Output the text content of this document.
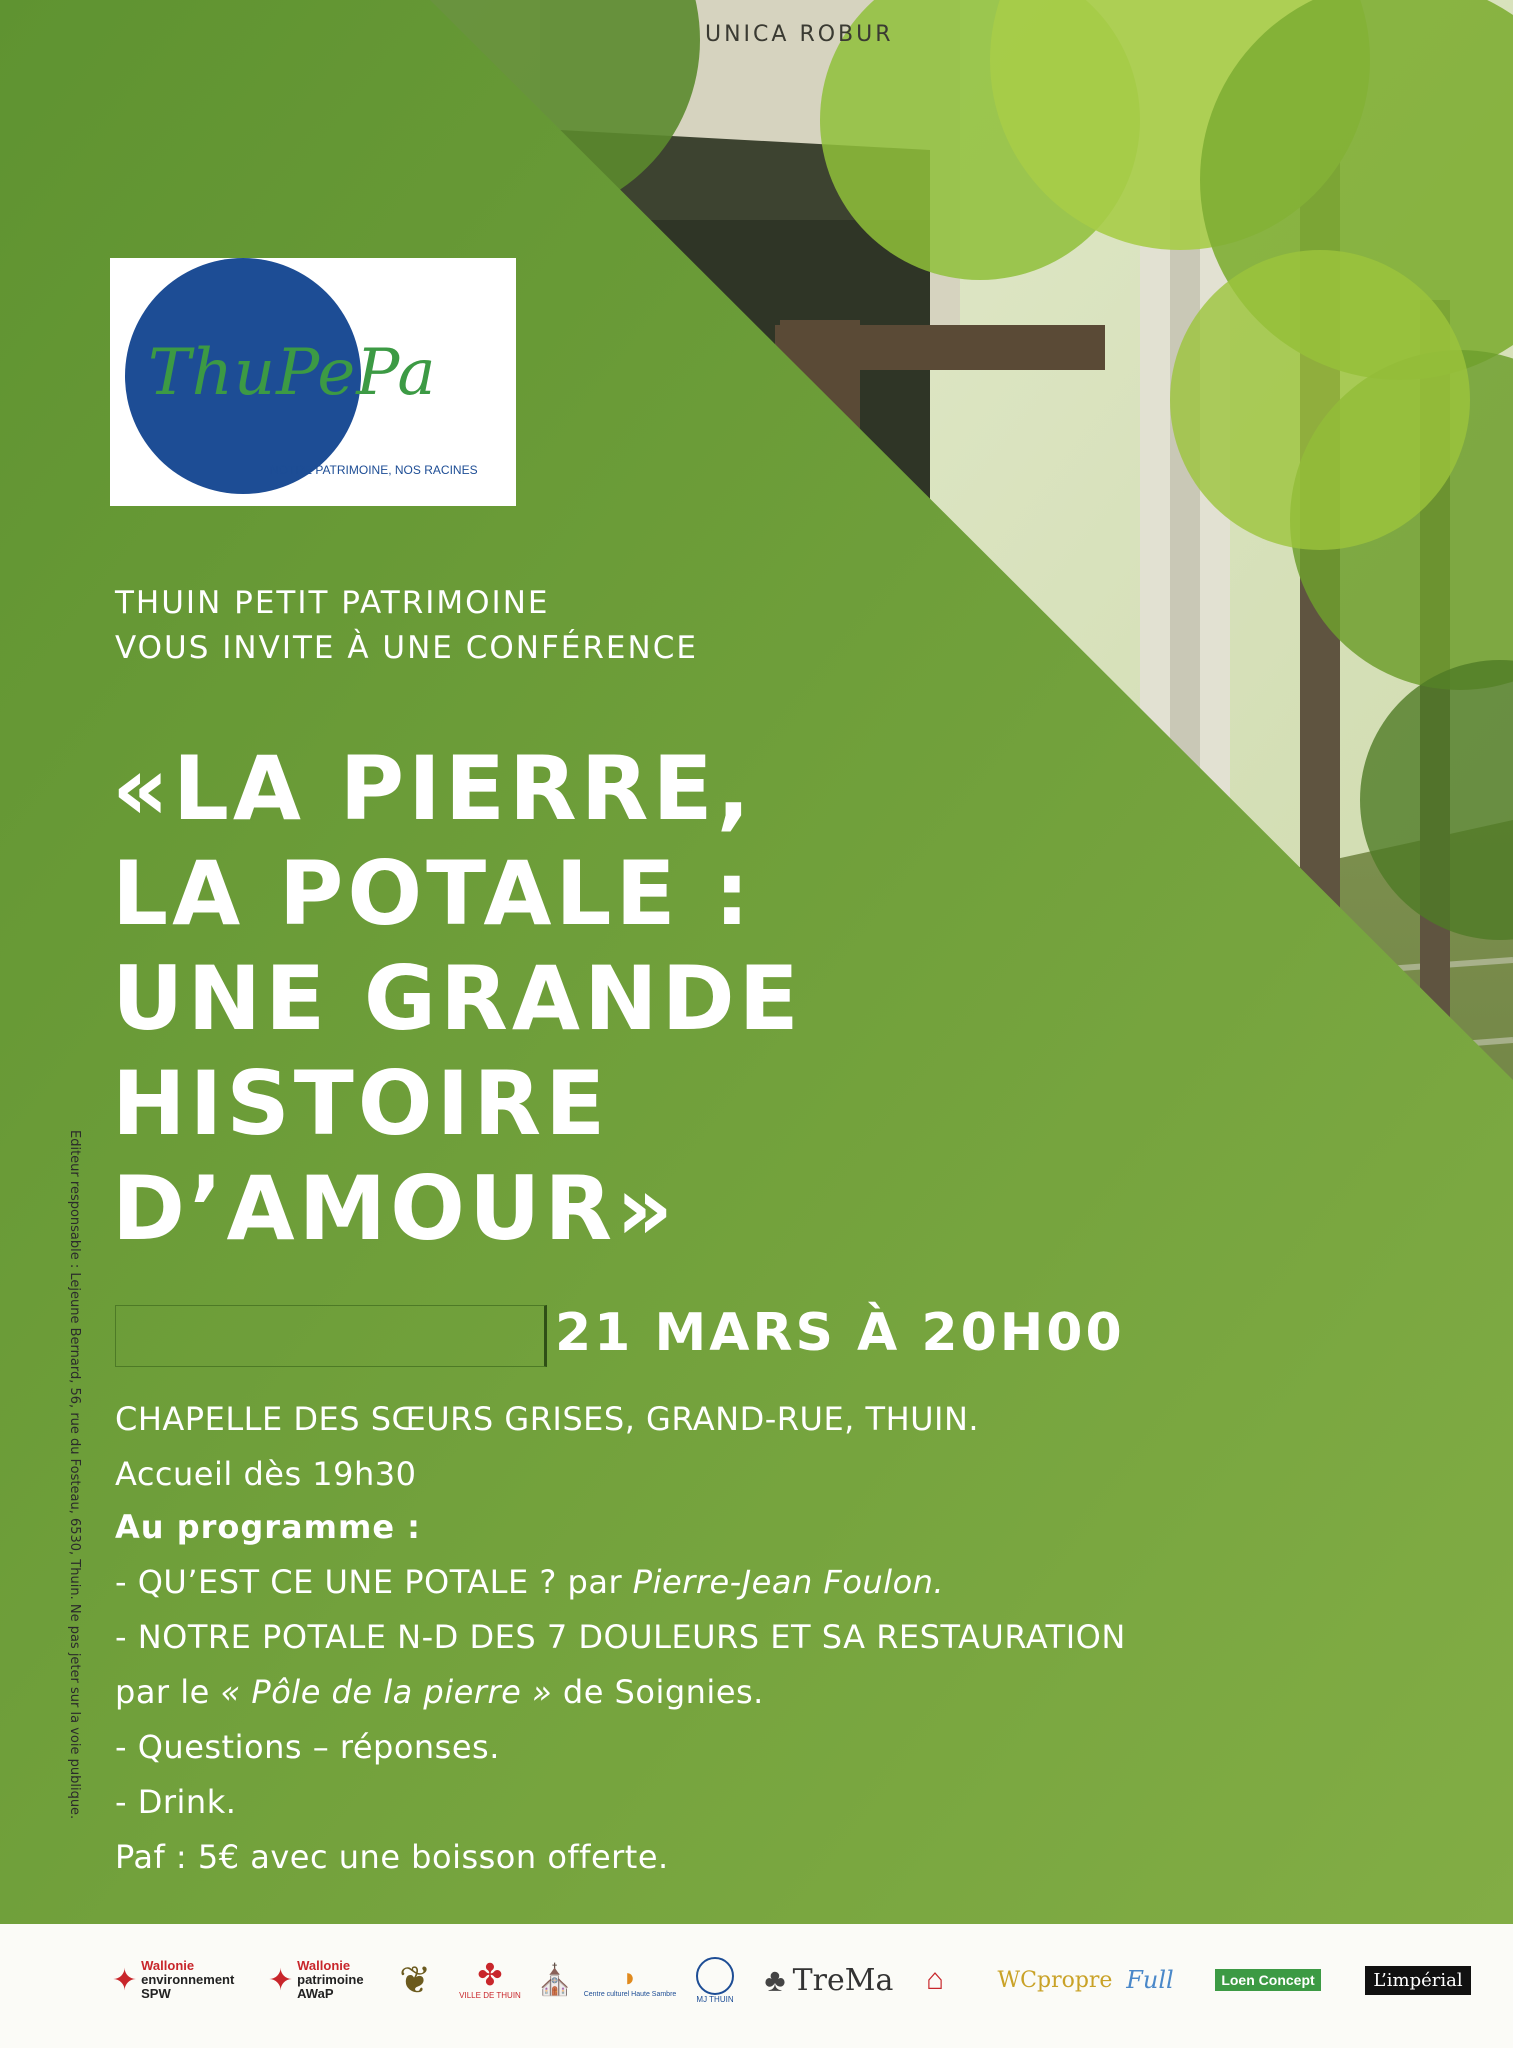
ThuPePa
NOTRE PATRIMOINE, NOS RACINES
UNICA ROBUR

THUIN PETIT PATRIMOINE

VOUS INVITE À UNE CONFÉRENCE

«LA PIERRE,

LA POTALE :

UNE GRANDE

HISTOIRE

D’AMOUR»

21 MARS À 20H00

CHAPELLE DES SŒURS GRISES, GRAND-RUE, THUIN.

Accueil dès 19h30

Au programme :

- QU’EST CE UNE POTALE ? par Pierre-Jean Foulon.

- NOTRE POTALE N-D DES 7 DOULEURS ET SA RESTAURATION

par le « Pôle de la pierre » de Soignies.

- Questions – réponses.

- Drink.

Paf : 5€ avec une boisson offerte.

Editeur responsable : Lejeune Bernard, 56, rue du Fosteau, 6530, Thuin. Ne pas jeter sur la voie publique.
✦ Wallonie
environnement
SPW	✦ Wallonie
patrimoine
AWaP	❦ ✤
VILLE DE THUIN ⛪ ◗
Centre culturel Haute Sambre
MJ THUIN
♣ TreMa ⌂ WCpropre Full	Loen Concept	L’impérial
